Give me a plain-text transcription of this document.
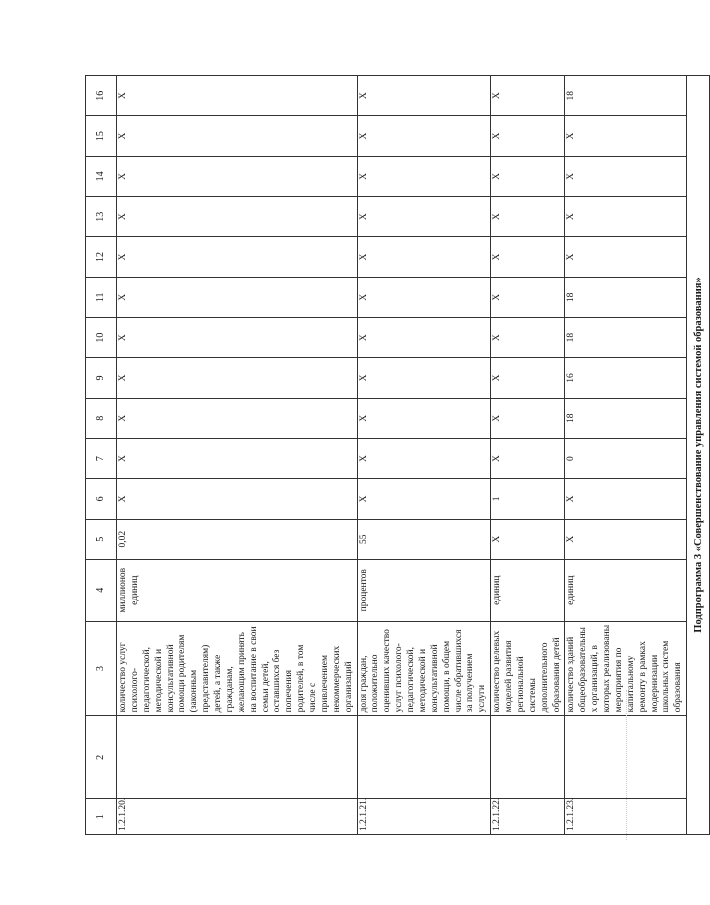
1	2	3	4	5	6	7	8	9	10	11	12	13	14	15	16
1.2.1.20.		количество услуг психолого-педагогической, методической и консультативной помощи родителям (законным представителям) детей, а также гражданам, желающим принять на воспитание в свои семьи детей, оставшихся без попечения родителей, в том числе с привлечением некоммерческих организаций	миллионов единиц	0,02	Х	Х	Х	Х	Х	Х	Х	Х	Х	Х	Х
1.2.1.21.		доля граждан, положительно оценивших качество услуг психолого-педагогической, методической и консультативной помощи, в общем числе обратившихся за получением услуги	процентов	55	Х	Х	Х	Х	Х	Х	Х	Х	Х	Х	Х
1.2.1.22.		количество целевых моделей развития региональной системы дополнительного образования детей	единиц	Х	1	Х	Х	Х	Х	Х	Х	Х	Х	Х	Х
1.2.1.23.		количество зданий общеобразовательных организаций, в которых реализованы мероприятия по капитальному ремонту в рамках модернизации школьных систем образования	единиц	Х	Х	0	18	16	18	18	Х	Х	Х	Х	18
Подпрограмма 3 «Совершенствование управления системой образования»															
